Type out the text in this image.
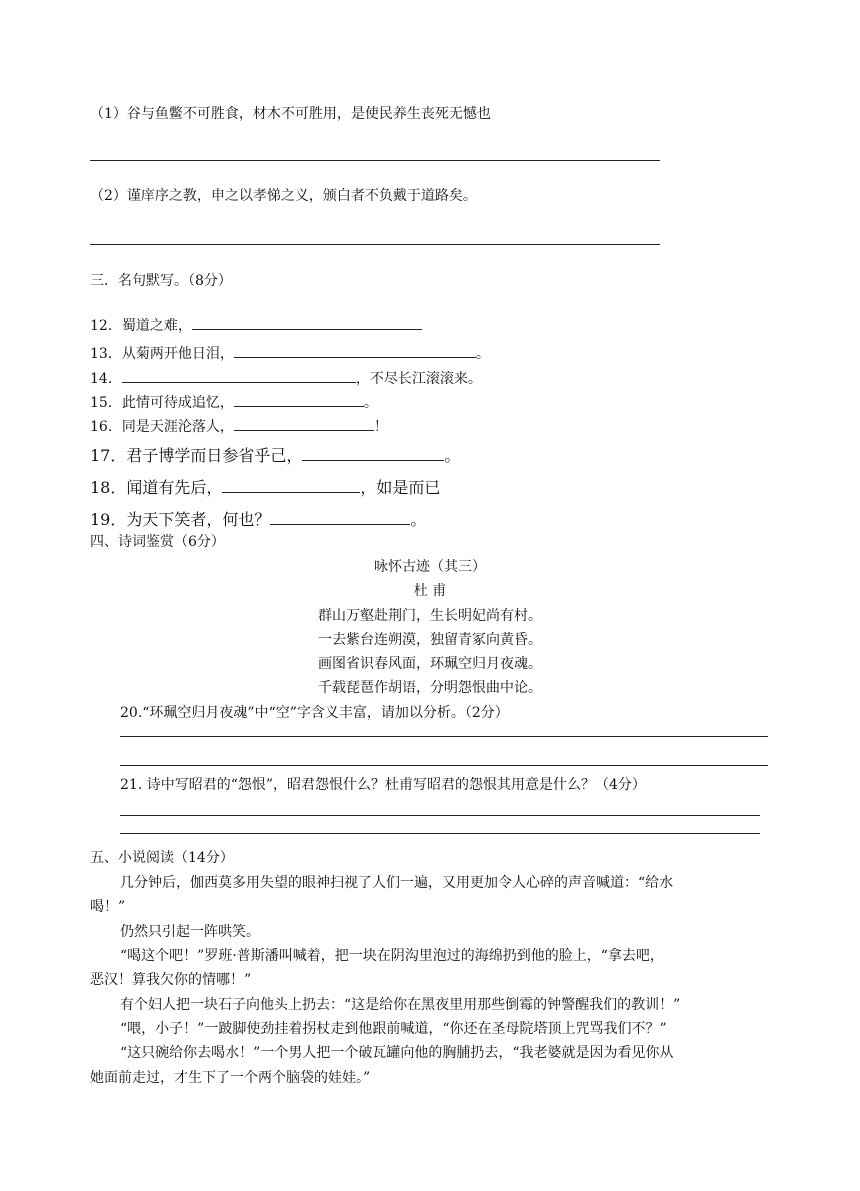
（1）谷与鱼鳖不可胜食，材木不可胜用，是使民养生丧死无憾也
（2）谨庠序之教，申之以孝悌之义，颁白者不负戴于道路矣。
三．名句默写。（8分）
12．蜀道之难，
13．从菊两开他日泪，	。
14．	，不尽长江滚滚来。
15．此情可待成追忆，	。
16．同是天涯沦落人，	！
17．君子博学而日参省乎己，	。
18．闻道有先后，	，如是而已
19．为天下笑者，何也？	。
四、诗词鉴赏（6分）
咏怀古迹（其三）
杜 甫
群山万壑赴荆门，生长明妃尚有村。
一去紫台连朔漠，独留青冢向黄昏。
画图省识春风面，环珮空归月夜魂。
千载琵琶作胡语，分明怨恨曲中论。
20.“环珮空归月夜魂”中“空”字含义丰富，请加以分析。（2分）
21. 诗中写昭君的“怨恨”，昭君怨恨什么？杜甫写昭君的怨恨其用意是什么？（4分）
五、小说阅读（14分）
几分钟后，伽西莫多用失望的眼神扫视了人们一遍，又用更加令人心碎的声音喊道：“给水
喝！”
仍然只引起一阵哄笑。
“喝这个吧！”罗班·普斯潘叫喊着，把一块在阴沟里泡过的海绵扔到他的脸上，“拿去吧，
恶汉！算我欠你的情哪！”
有个妇人把一块石子向他头上扔去：“这是给你在黑夜里用那些倒霉的钟警醒我们的教训！”
“喂，小子！”一跛脚使劲挂着拐杖走到他跟前喊道，“你还在圣母院塔顶上咒骂我们不？”
“这只碗给你去喝水！”一个男人把一个破瓦罐向他的胸脯扔去，“我老婆就是因为看见你从
她面前走过，才生下了一个两个脑袋的娃娃。”
